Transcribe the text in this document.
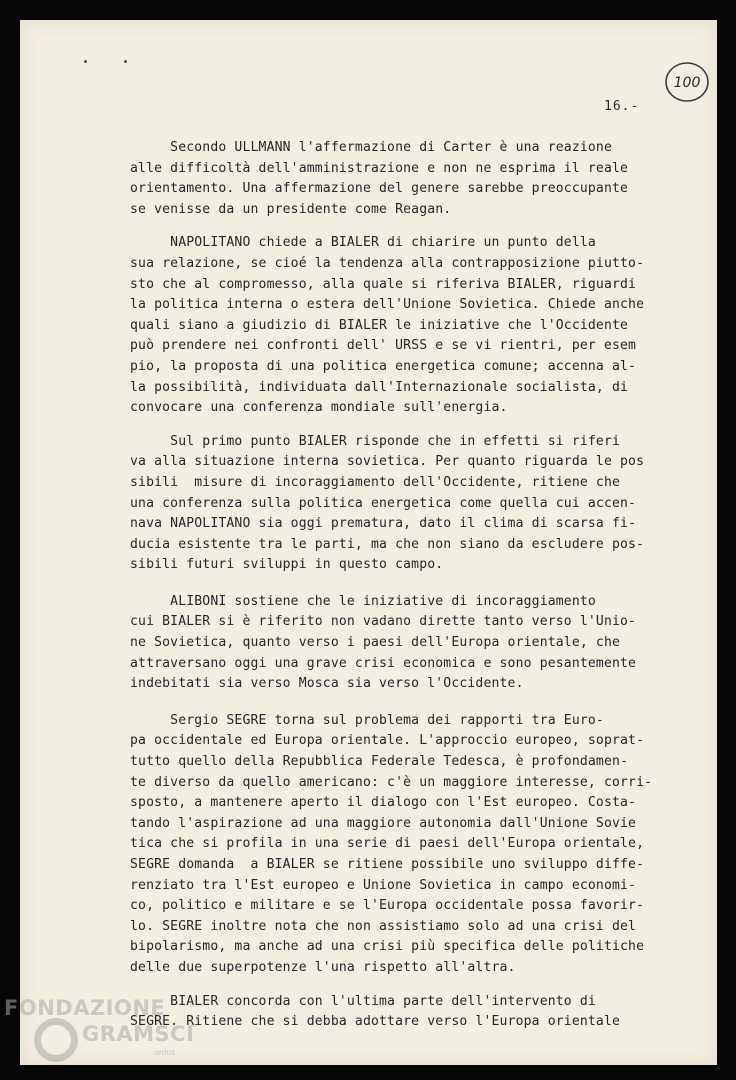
16.-
100
Secondo ULLMANN l'affermazione di Carter è una reazione
alle difficoltà dell'amministrazione e non ne esprima il reale
orientamento. Una affermazione del genere sarebbe preoccupante
se venisse da un presidente come Reagan.
NAPOLITANO chiede a BIALER di chiarire un punto della
sua relazione, se cioé la tendenza alla contrapposizione piutto-
sto che al compromesso, alla quale si riferiva BIALER, riguardi
la politica interna o estera dell'Unione Sovietica. Chiede anche
quali siano a giudizio di BIALER le iniziative che l'Occidente
può prendere nei confronti dell' URSS e se vi rientri, per esem
pio, la proposta di una politica energetica comune; accenna al-
la possibilità, individuata dall'Internazionale socialista, di
convocare una conferenza mondiale sull'energia.
Sul primo punto BIALER risponde che in effetti si riferi
va alla situazione interna sovietica. Per quanto riguarda le pos
sibili  misure di incoraggiamento dell'Occidente, ritiene che
una conferenza sulla politica energetica come quella cui accen-
nava NAPOLITANO sia oggi prematura, dato il clima di scarsa fi-
ducia esistente tra le parti, ma che non siano da escludere pos-
sibili futuri sviluppi in questo campo.
ALIBONI sostiene che le iniziative di incoraggiamento
cui BIALER si è riferito non vadano dirette tanto verso l'Unio-
ne Sovietica, quanto verso i paesi dell'Europa orientale, che
attraversano oggi una grave crisi economica e sono pesantemente
indebitati sia verso Mosca sia verso l'Occidente.
Sergio SEGRE torna sul problema dei rapporti tra Euro-
pa occidentale ed Europa orientale. L'approccio europeo, soprat-
tutto quello della Repubblica Federale Tedesca, è profondamen-
te diverso da quello americano: c'è un maggiore interesse, corri-
sposto, a mantenere aperto il dialogo con l'Est europeo. Costa-
tando l'aspirazione ad una maggiore autonomia dall'Unione Sovie
tica che si profila in una serie di paesi dell'Europa orientale,
SEGRE domanda  a BIALER se ritiene possibile uno sviluppo diffe-
renziato tra l'Est europeo e Unione Sovietica in campo economi-
co, politico e militare e se l'Europa occidentale possa favorir-
lo. SEGRE inoltre nota che non assistiamo solo ad una crisi del
bipolarismo, ma anche ad una crisi più specifica delle politiche
delle due superpotenze l'una rispetto all'altra.
BIALER concorda con l'ultima parte dell'intervento di
SEGRE. Ritiene che si debba adottare verso l'Europa orientale
FONDAZIONE
GRAMSCI
onlus
